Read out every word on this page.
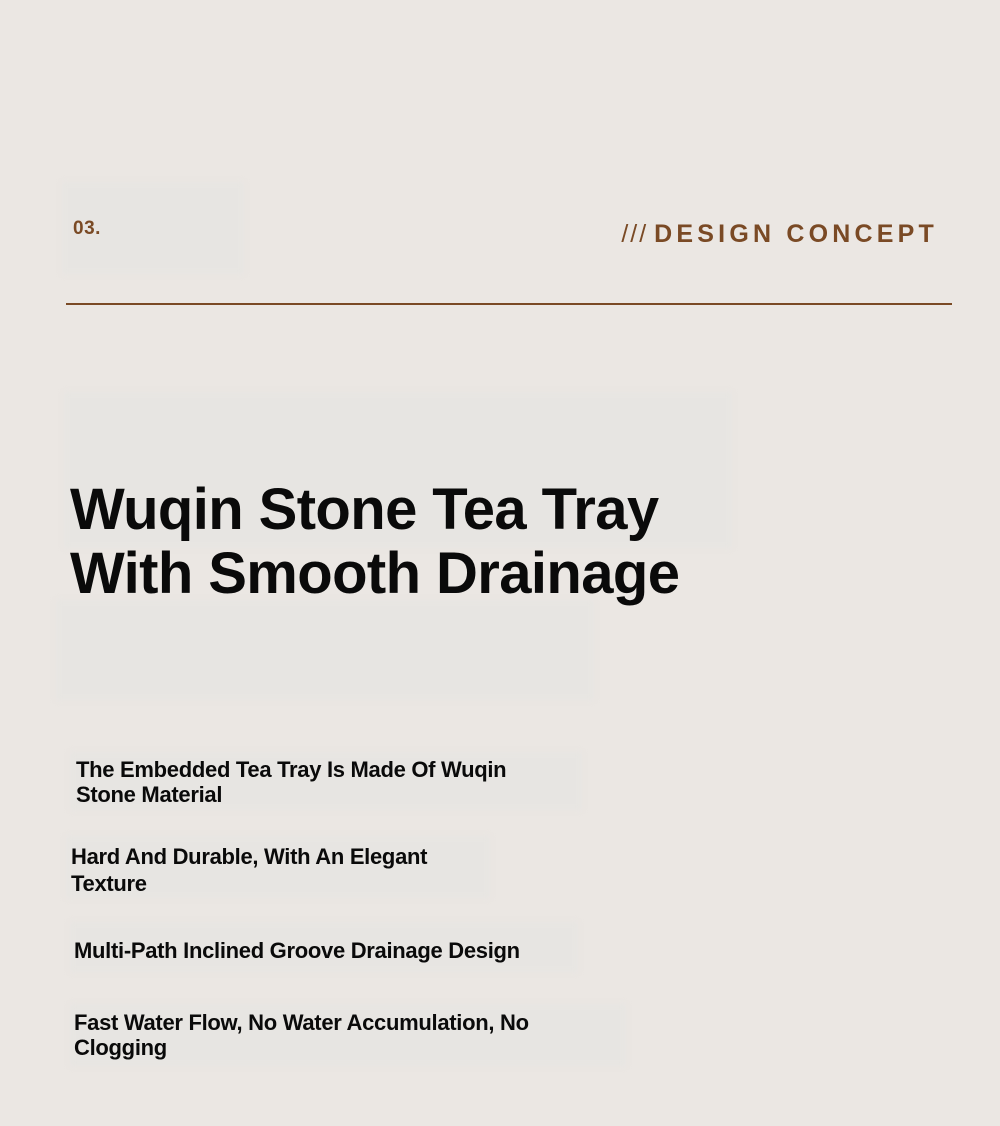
03.	/// DESIGN CONCEPT
Wuqin Stone Tea Tray
With Smooth Drainage

The Embedded Tea Tray Is Made Of Wuqin
Stone Material

Hard And Durable, With An Elegant
Texture

Multi-Path Inclined Groove Drainage Design

Fast Water Flow, No Water Accumulation, No
Clogging
